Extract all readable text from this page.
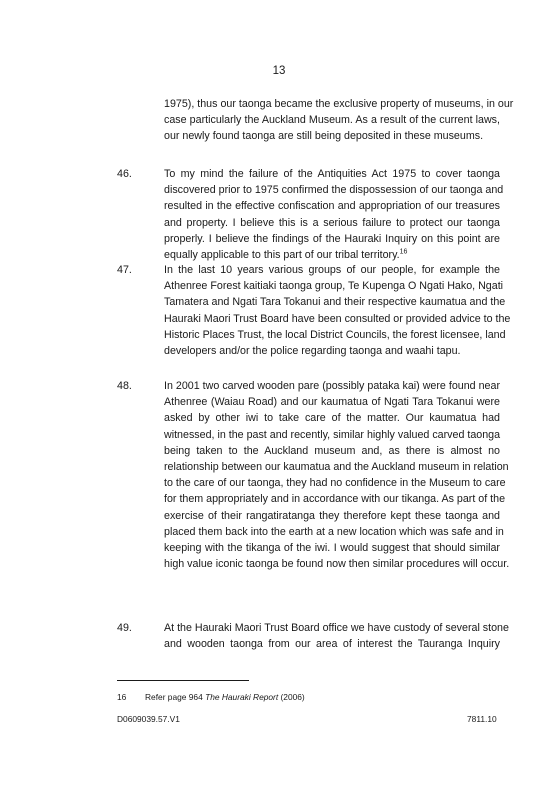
13
1975), thus our taonga became the exclusive property of museums, in our
case particularly the Auckland Museum. As a result of the current laws,
our newly found taonga are still being deposited in these museums.
46.	To my mind the failure of the Antiquities Act 1975 to cover taonga
discovered prior to 1975 confirmed the dispossession of our taonga and
resulted in the effective confiscation and appropriation of our treasures
and property. I believe this is a serious failure to protect our taonga
properly. I believe the findings of the Hauraki Inquiry on this point are
equally applicable to this part of our tribal territory.$^{16}$
47.	In the last 10 years various groups of our people, for example the
Athenree Forest kaitiaki taonga group, Te Kupenga O Ngati Hako, Ngati
Tamatera and Ngati Tara Tokanui and their respective kaumatua and the
Hauraki Maori Trust Board have been consulted or provided advice to the
Historic Places Trust, the local District Councils, the forest licensee, land
developers and/or the police regarding taonga and waahi tapu.
48.	In 2001 two carved wooden pare (possibly pataka kai) were found near
Athenree (Waiau Road) and our kaumatua of Ngati Tara Tokanui were
asked by other iwi to take care of the matter. Our kaumatua had
witnessed, in the past and recently, similar highly valued carved taonga
being taken to the Auckland museum and, as there is almost no
relationship between our kaumatua and the Auckland museum in relation
to the care of our taonga, they had no confidence in the Museum to care
for them appropriately and in accordance with our tikanga. As part of the
exercise of their rangatiratanga they therefore kept these taonga and
placed them back into the earth at a new location which was safe and in
keeping with the tikanga of the iwi. I would suggest that should similar
high value iconic taonga be found now then similar procedures will occur.
49.	At the Hauraki Maori Trust Board office we have custody of several stone
and wooden taonga from our area of interest the Tauranga Inquiry
16 Refer page 964 The Hauraki Report (2006)
D0609039.57.V1	7811.10
